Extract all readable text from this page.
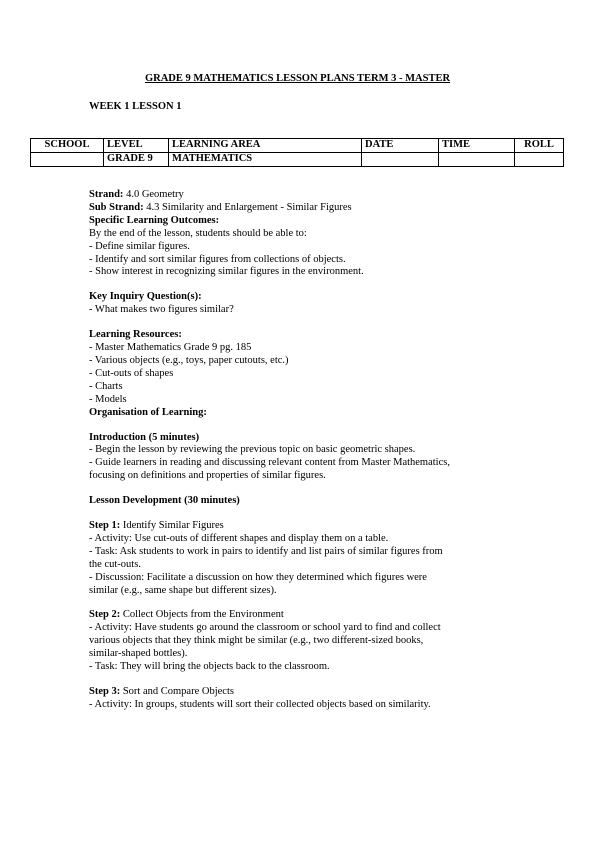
GRADE 9 MATHEMATICS LESSON PLANS TERM 3 - MASTER
WEEK 1 LESSON 1
SCHOOL	LEVEL	LEARNING AREA	DATE	TIME	ROLL
	GRADE 9	MATHEMATICS			

Strand: 4.0 Geometry

Sub Strand: 4.3 Similarity and Enlargement - Similar Figures

Specific Learning Outcomes:

By the end of the lesson, students should be able to:

- Define similar figures.

- Identify and sort similar figures from collections of objects.

- Show interest in recognizing similar figures in the environment.

Key Inquiry Question(s):

- What makes two figures similar?

Learning Resources:

- Master Mathematics Grade 9 pg. 185

- Various objects (e.g., toys, paper cutouts, etc.)

- Cut-outs of shapes

- Charts

- Models

Organisation of Learning:

Introduction (5 minutes)

- Begin the lesson by reviewing the previous topic on basic geometric shapes.

- Guide learners in reading and discussing relevant content from Master Mathematics,

focusing on definitions and properties of similar figures.

Lesson Development (30 minutes)

Step 1: Identify Similar Figures

- Activity: Use cut-outs of different shapes and display them on a table.

- Task: Ask students to work in pairs to identify and list pairs of similar figures from

the cut-outs.

- Discussion: Facilitate a discussion on how they determined which figures were

similar (e.g., same shape but different sizes).

Step 2: Collect Objects from the Environment

- Activity: Have students go around the classroom or school yard to find and collect

various objects that they think might be similar (e.g., two different-sized books,

similar-shaped bottles).

- Task: They will bring the objects back to the classroom.

Step 3: Sort and Compare Objects

- Activity: In groups, students will sort their collected objects based on similarity.
